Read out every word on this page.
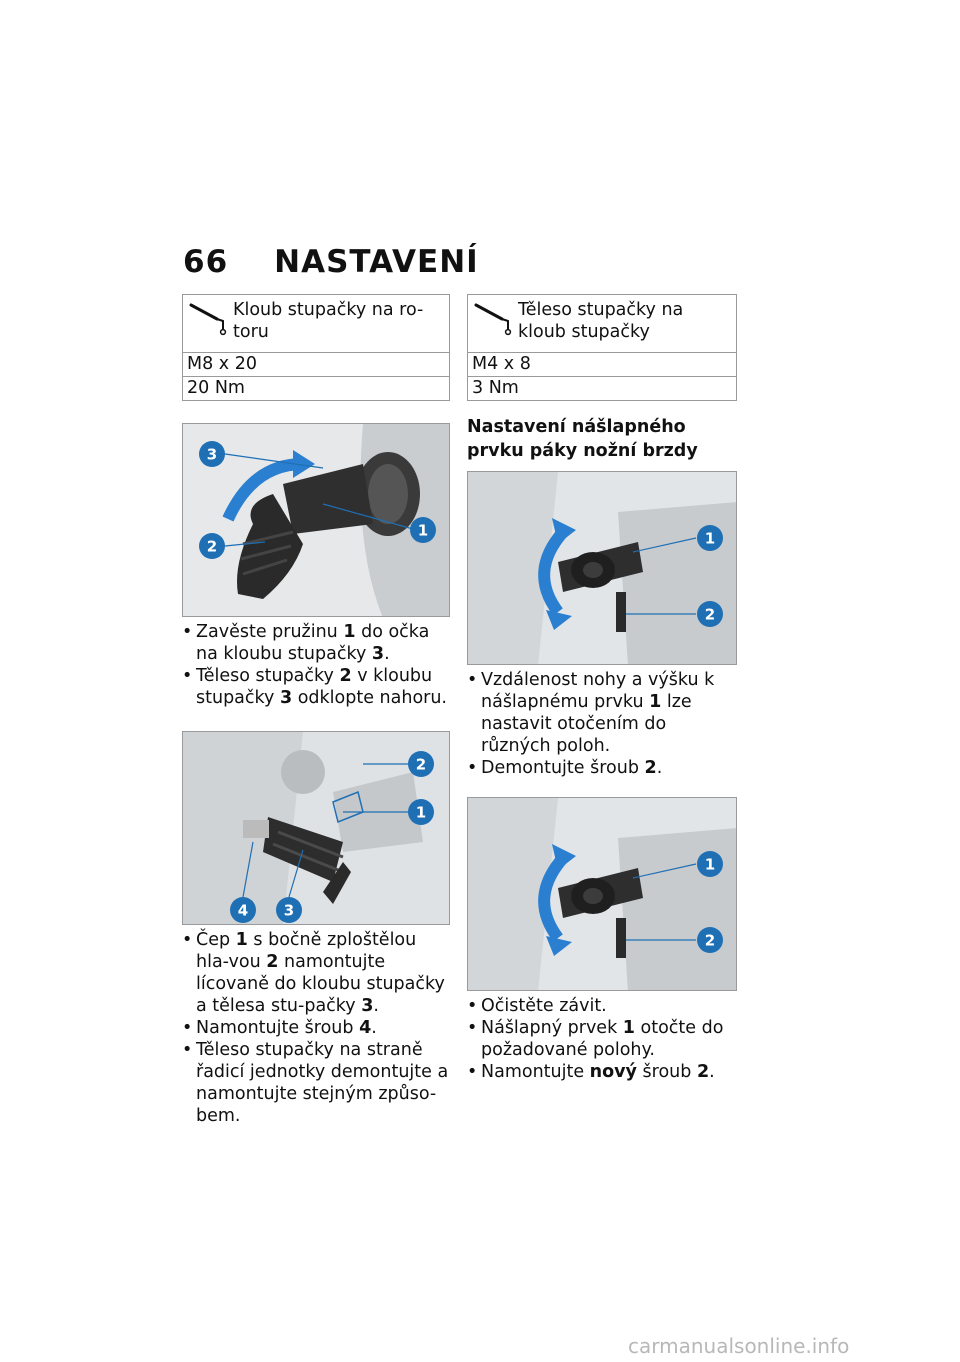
66 NASTAVENÍ
Kloub stupačky na ro-
toru

M8 x 20
20 Nm
3
2
1
• Zavěste pružinu 1 do očka na kloubu stupačky 3.
• Těleso stupačky 2 v kloubu stupačky 3 odklopte nahoru.
2
1
4 3
• Čep 1 s bočně zploštělou hla-vou 2 namontujte lícovaně do kloubu stupačky a tělesa stu-pačky 3.
• Namontujte šroub 4.
• Těleso stupačky na straně řadicí jednotky demontujte a namontujte stejným způso-bem.
Těleso stupačky na
kloub stupačky

M4 x 8
3 Nm
Nastavení nášlapného prvku páky nožní brzdy
1
2
• Vzdálenost nohy a výšku k nášlapnému prvku 1 lze nastavit otočením do různých poloh.
• Demontujte šroub 2.
1
2
• Očistěte závit.
• Nášlapný prvek 1 otočte do požadované polohy.
• Namontujte nový šroub 2.
carmanualsonline.info
